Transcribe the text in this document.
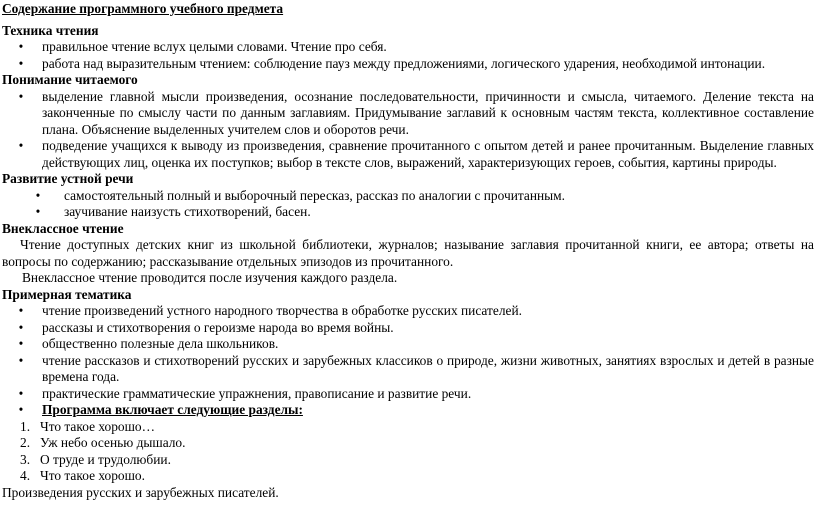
Содержание программного учебного предмета
Техника чтения
• правильное чтение вслух целыми словами. Чтение про себя.
• работа над выразительным чтением: соблюдение пауз между предложениями, логического ударения, необходимой интонации.
Понимание читаемого
• выделение главной мысли произведения, осознание последовательности, причинности и смысла, читаемого. Деление текста на законченные по смыслу части по данным заглавиям. Придумывание заглавий к основным частям текста, коллективное составление плана. Объяснение выделенных учителем слов и оборотов речи.
• подведение учащихся к выводу из произведения, сравнение прочитанного с опытом детей и ранее прочитанным. Выделение главных действующих лиц, оценка их поступков; выбор в тексте слов, выражений, характеризующих героев, события, картины природы.
Развитие устной речи
• самостоятельный полный и выборочный пересказ, рассказ по аналогии с прочитанным.
• заучивание наизусть стихотворений, басен.
Внеклассное чтение

Чтение доступных детских книг из школьной библиотеки, журналов; называние заглавия прочитанной книги, ее автора; ответы на вопросы по содержанию; рассказывание отдельных эпизодов из прочитанного.

Внеклассное чтение проводится после изучения каждого раздела.

Примерная тематика
• чтение произведений устного народного творчества в обработке русских писателей.
• рассказы и стихотворения о героизме народа во время войны.
• общественно полезные дела школьников.
• чтение рассказов и стихотворений русских и зарубежных классиков о природе, жизни животных, занятиях взрослых и детей в разные времена года.
• практические грамматические упражнения, правописание и развитие речи.
• Программа включает следующие разделы:
1. Что такое хорошо…
2. Уж небо осенью дышало.
3. О труде и трудолюбии.
4. Что такое хорошо.

Произведения русских и зарубежных писателей.
